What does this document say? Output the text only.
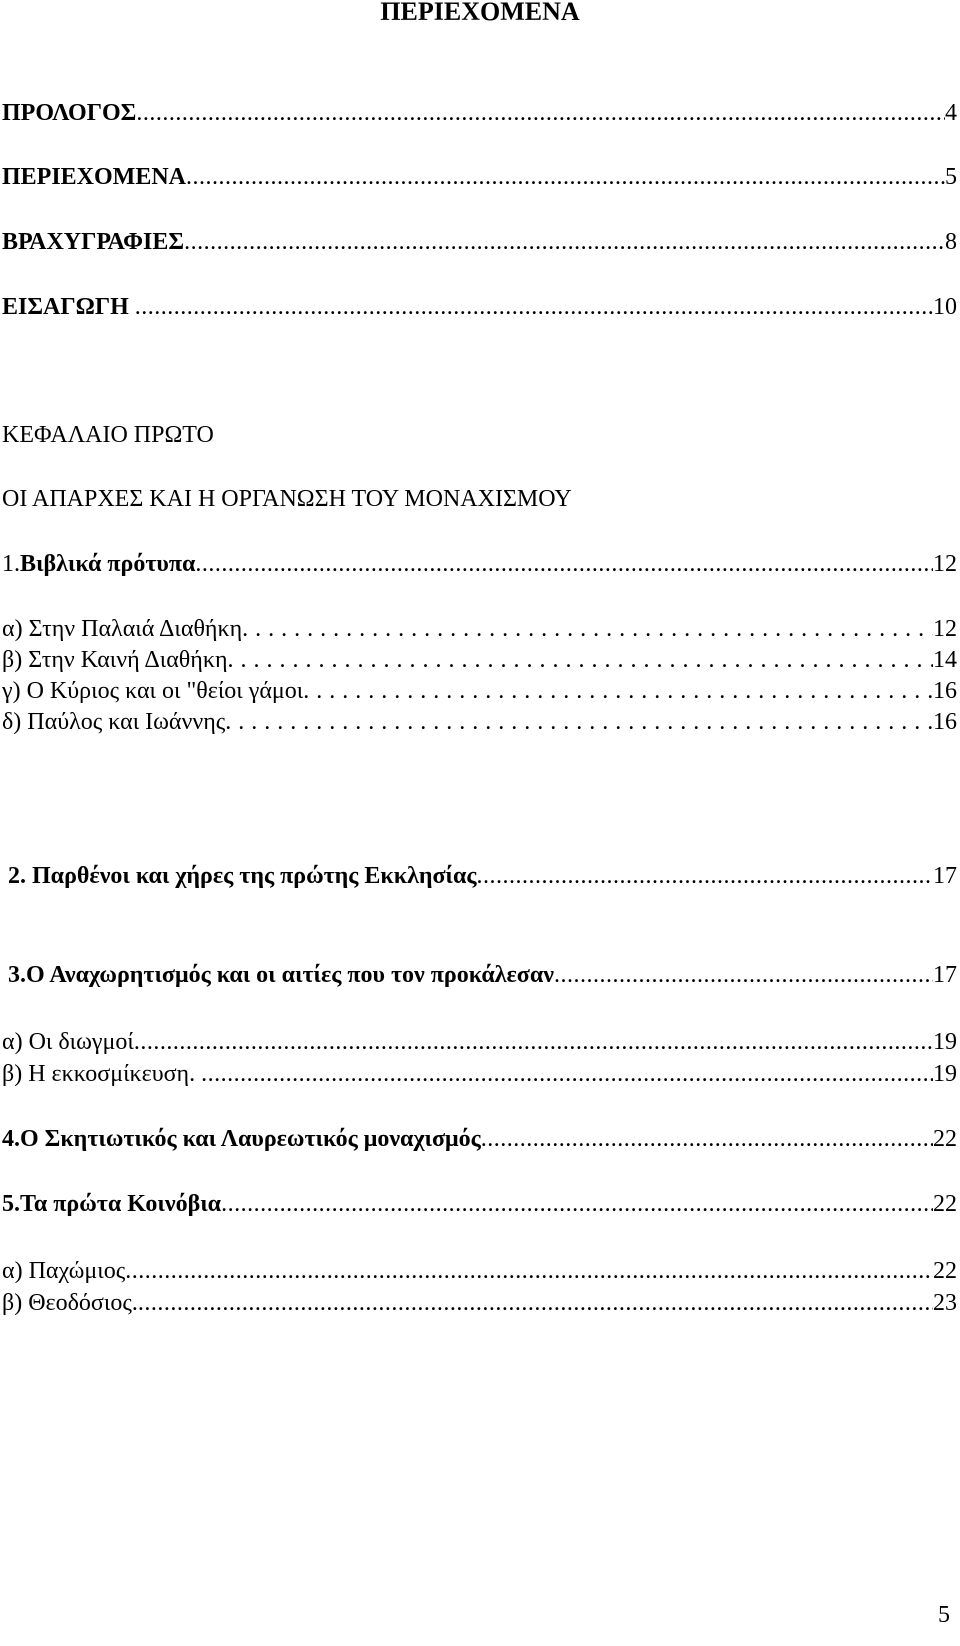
ΠΕΡΙΕΧΟΜΕΝΑ
ΠΡΟΛΟΓΟΣ .....	4
ΠΕΡΙΕΧΟΜΕΝΑ .....	5
ΒΡΑΧΥΓΡΑΦΙΕΣ .....	8
ΕΙΣΑΓΩΓΗ .....	10
ΚΕΦΑΛΑΙΟ ΠΡΩΤΟ
ΟΙ ΑΠΑΡΧΕΣ ΚΑΙ Η ΟΡΓΑΝΩΣΗ ΤΟΥ ΜΟΝΑΧΙΣΜΟΥ
1.Βιβλικά πρότυπα .....	12
α) Στην Παλαιά Διαθήκη .....	12
β) Στην Καινή Διαθήκη .....	14
γ) Ο Κύριος και οι "θείοι γάμοι .....	16
δ) Παύλος και Ιωάννης .....	16
2. Παρθένοι και χήρες της πρώτης Εκκλησίας .....	17
3.Ο Αναχωρητισμός και οι αιτίες που τον προκάλεσαν .....	17
α) Οι διωγμοί .....	19
β) Η εκκοσμίκευση. .....	19
4.Ο Σκητιωτικός και Λαυρεωτικός μοναχισμός .....	22
5.Τα πρώτα Κοινόβια .....	22
α) Παχώμιος .....	22
β) Θεοδόσιος. .....	23
5
